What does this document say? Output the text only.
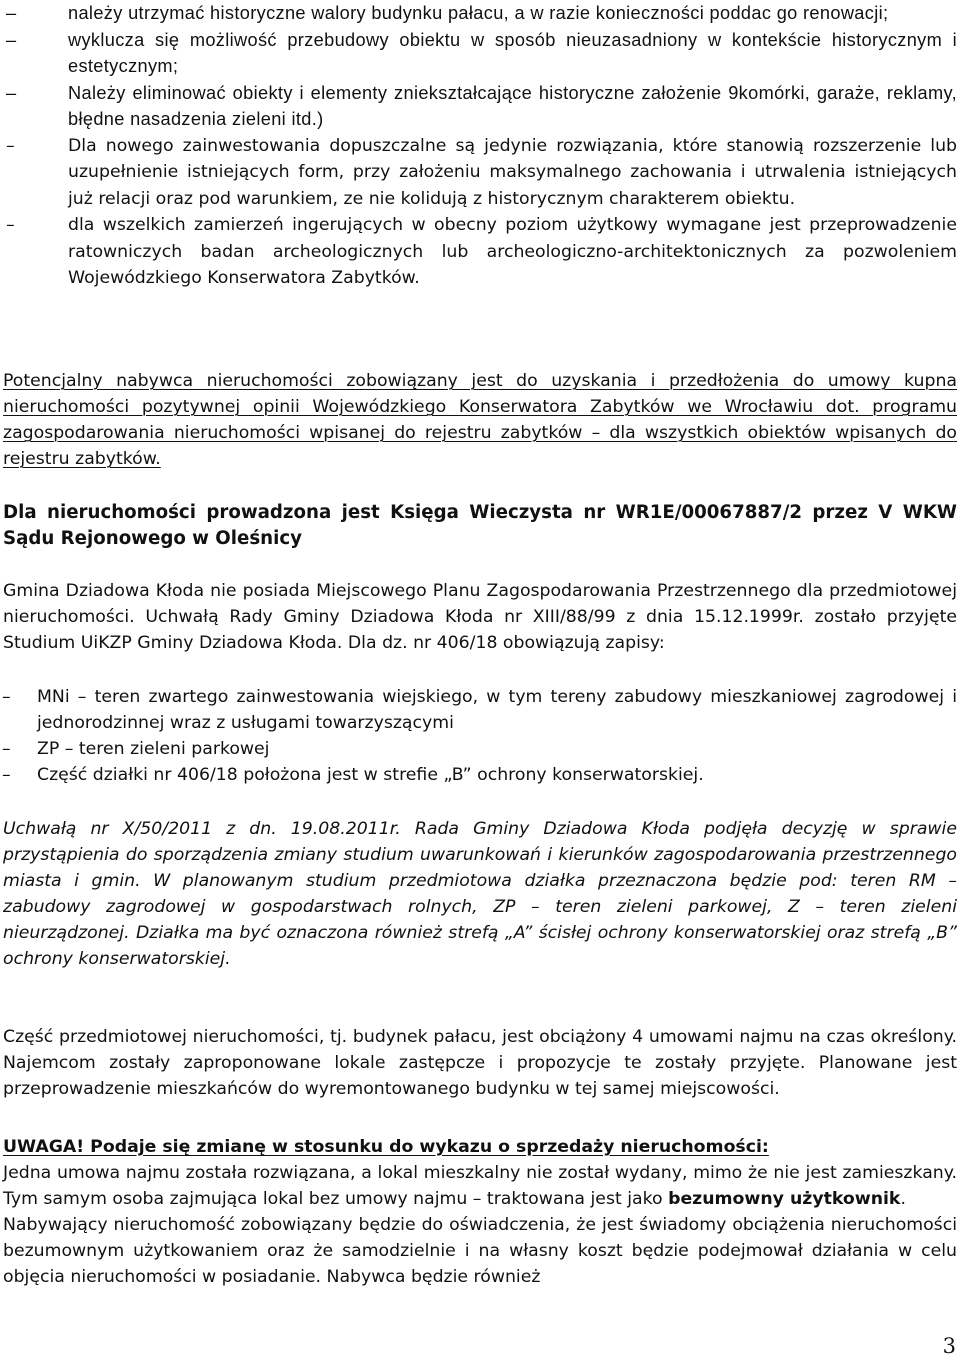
–	należy utrzymać historyczne walory budynku pałacu, a w razie konieczności poddac go renowacji;
–	wyklucza się możliwość przebudowy obiektu w sposób nieuzasadniony w kontekście historycznym i estetycznym;
–	Należy eliminować obiekty i elementy zniekształcające historyczne założenie 9komórki, garaże, reklamy, błędne nasadzenia zieleni itd.)
–	Dla nowego zainwestowania dopuszczalne są jedynie rozwiązania, które stanowią rozszerzenie lub uzupełnienie istniejących form, przy założeniu maksymalnego zachowania i utrwalenia istniejących już relacji oraz pod warunkiem, ze nie kolidują z historycznym charakterem obiektu.
–	dla wszelkich zamierzeń ingerujących w obecny poziom użytkowy wymagane jest przeprowadzenie ratowniczych badan archeologicznych lub archeologiczno-architektonicznych za pozwoleniem Wojewódzkiego Konserwatora Zabytków.
Potencjalny nabywca nieruchomości zobowiązany jest do uzyskania i przedłożenia do umowy kupna nieruchomości pozytywnej opinii Wojewódzkiego Konserwatora Zabytków we Wrocławiu dot. programu zagospodarowania nieruchomości wpisanej do rejestru zabytków – dla wszystkich obiektów wpisanych do rejestru zabytków.
Dla nieruchomości prowadzona jest Księga Wieczysta nr WR1E/00067887/2 przez V WKW Sądu Rejonowego w Oleśnicy
Gmina Dziadowa Kłoda nie posiada Miejscowego Planu Zagospodarowania Przestrzennego dla przedmiotowej nieruchomości. Uchwałą Rady Gminy Dziadowa Kłoda nr XIII/88/99 z dnia 15.12.1999r. zostało przyjęte Studium UiKZP Gminy Dziadowa Kłoda. Dla dz. nr 406/18 obowiązują zapisy:
– MNi – teren zwartego zainwestowania wiejskiego, w tym tereny zabudowy mieszkaniowej zagrodowej i jednorodzinnej wraz z usługami towarzyszącymi
– ZP – teren zieleni parkowej
– Część działki nr 406/18 położona jest w strefie „B” ochrony konserwatorskiej.
Uchwałą nr X/50/2011 z dn. 19.08.2011r. Rada Gminy Dziadowa Kłoda podjęła decyzję w sprawie przystąpienia do sporządzenia zmiany studium uwarunkowań i kierunków zagospodarowania przestrzennego miasta i gmin. W planowanym studium przedmiotowa działka przeznaczona będzie pod: teren RM – zabudowy zagrodowej w gospodarstwach rolnych, ZP – teren zieleni parkowej, Z – teren zieleni nieurządzonej. Działka ma być oznaczona również strefą „A” ścisłej ochrony konserwatorskiej oraz strefą „B” ochrony konserwatorskiej.
Część przedmiotowej nieruchomości, tj. budynek pałacu, jest obciążony 4 umowami najmu na czas określony. Najemcom zostały zaproponowane lokale zastępcze i propozycje te zostały przyjęte. Planowane jest przeprowadzenie mieszkańców do wyremontowanego budynku w tej samej miejscowości.
UWAGA! Podaje się zmianę w stosunku do wykazu o sprzedaży nieruchomości:
Jedna umowa najmu została rozwiązana, a lokal mieszkalny nie został wydany, mimo że nie jest zamieszkany. Tym samym osoba zajmująca lokal bez umowy najmu – traktowana jest jako bezumowny użytkownik.
Nabywający nieruchomość zobowiązany będzie do oświadczenia, że jest świadomy obciążenia nieruchomości bezumownym użytkowaniem oraz że samodzielnie i na własny koszt będzie podejmował działania w celu objęcia nieruchomości w posiadanie. Nabywca będzie również
3
